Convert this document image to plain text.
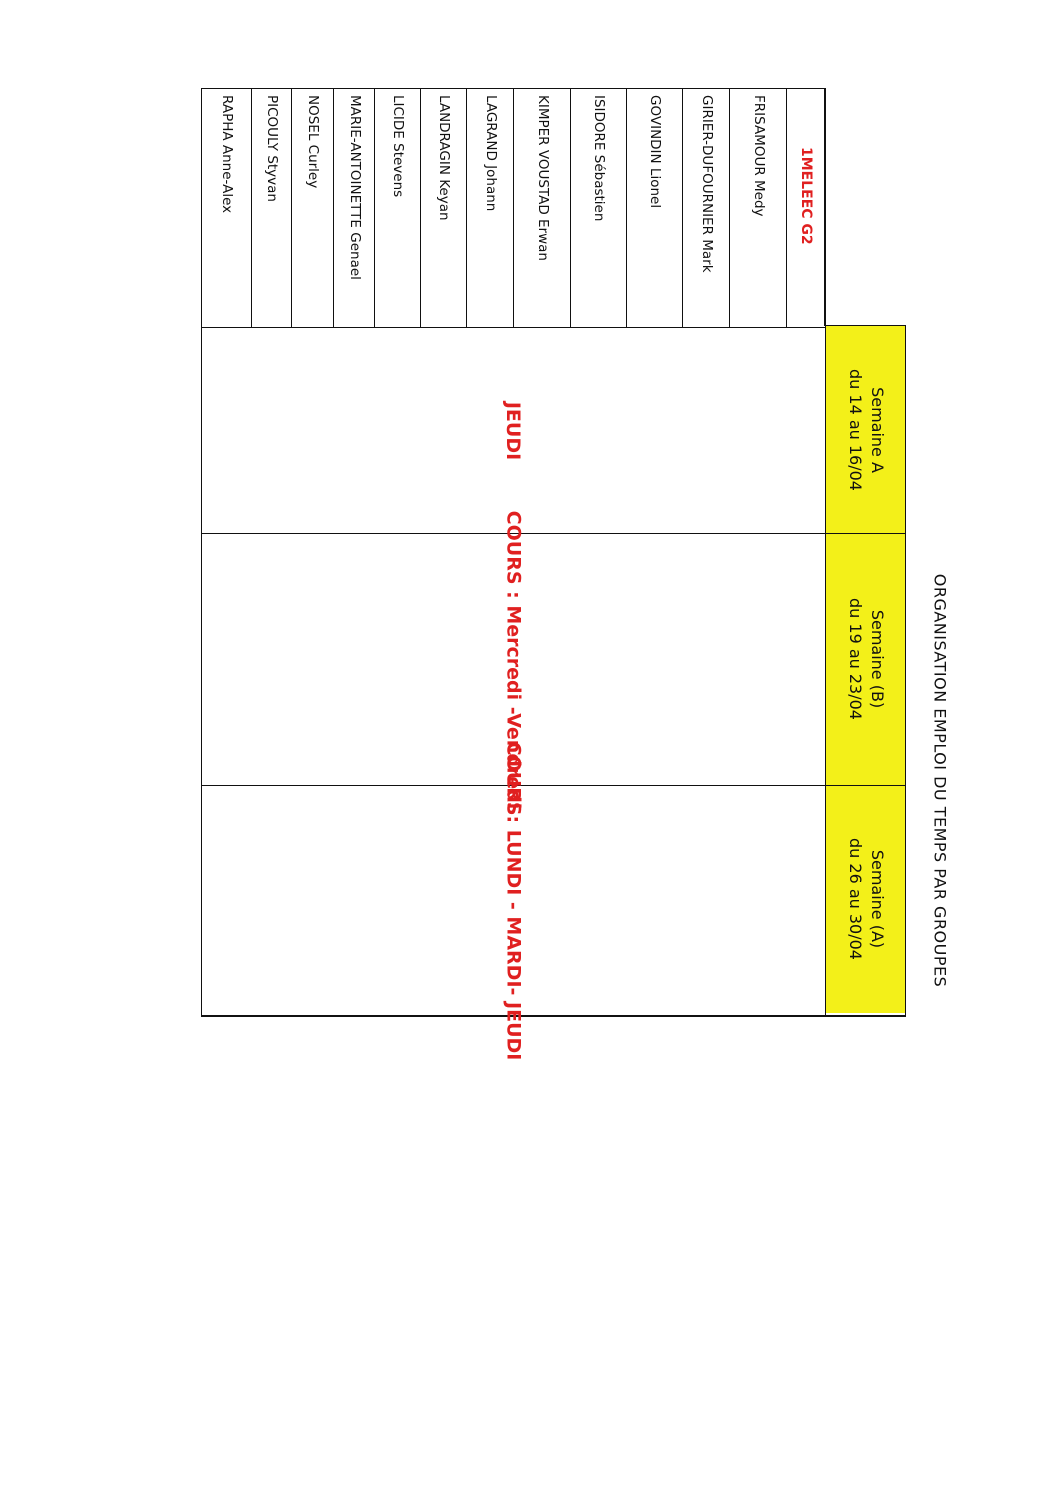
ORGANISATION EMPLOI DU TEMPS PAR GROUPES
Semaine A
du 14 au 16/04
Semaine (B)
du 19 au 23/04
Semaine (A)
du 26 au 30/04
JEUDI
COURS : Mercredi -Vendredi
COURS: LUNDI - MARDI- JEUDI
1MELEEC G2
FRISAMOUR Medy
GIRIER-DUFOURNIER Mark
GOVINDIN Lionel
ISIDORE Sébastien
KIMPER VOUSTAD Erwan
LAGRAND Johann
LANDRAGIN Keyan
LICIDE Stevens
MARIE-ANTOINETTE Genael
NOSEL Curley
PICOULY Styvan
RAPHA Anne-Alex
